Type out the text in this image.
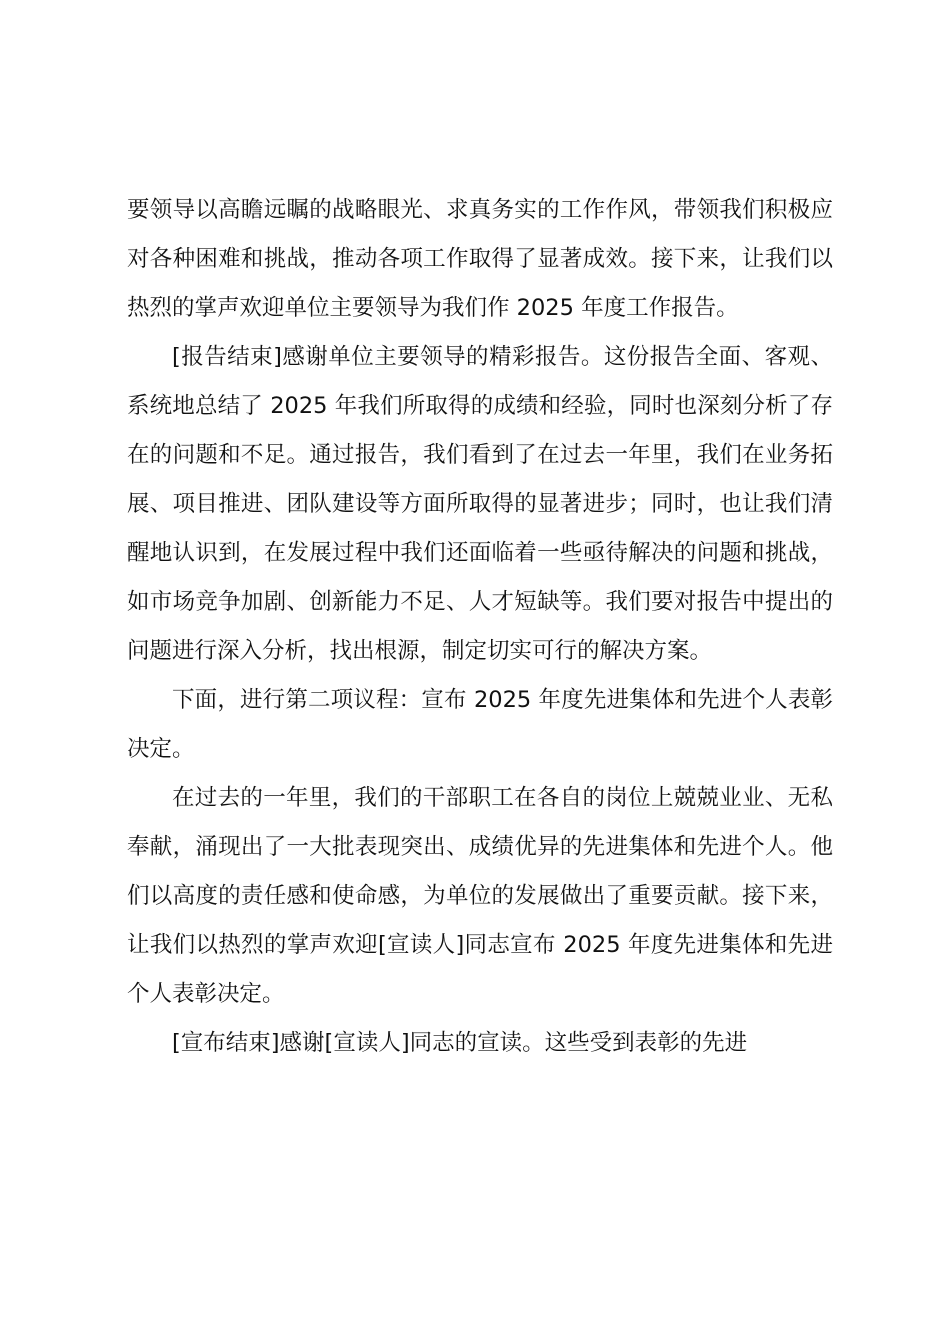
要领导以高瞻远瞩的战略眼光、求真务实的工作作风，带领我们积极应对各种困难和挑战，推动各项工作取得了显著成效。接下来，让我们以热烈的掌声欢迎单位主要领导为我们作 2025 年度工作报告。

[报告结束]感谢单位主要领导的精彩报告。这份报告全面、客观、系统地总结了 2025 年我们所取得的成绩和经验，同时也深刻分析了存在的问题和不足。通过报告，我们看到了在过去一年里，我们在业务拓展、项目推进、团队建设等方面所取得的显著进步；同时，也让我们清醒地认识到，在发展过程中我们还面临着一些亟待解决的问题和挑战，如市场竞争加剧、创新能力不足、人才短缺等。我们要对报告中提出的问题进行深入分析，找出根源，制定切实可行的解决方案。

下面，进行第二项议程：宣布 2025 年度先进集体和先进个人表彰决定。

在过去的一年里，我们的干部职工在各自的岗位上兢兢业业、无私奉献，涌现出了一大批表现突出、成绩优异的先进集体和先进个人。他们以高度的责任感和使命感，为单位的发展做出了重要贡献。接下来，让我们以热烈的掌声欢迎[宣读人]同志宣布 2025 年度先进集体和先进个人表彰决定。

[宣布结束]感谢[宣读人]同志的宣读。这些受到表彰的先进
